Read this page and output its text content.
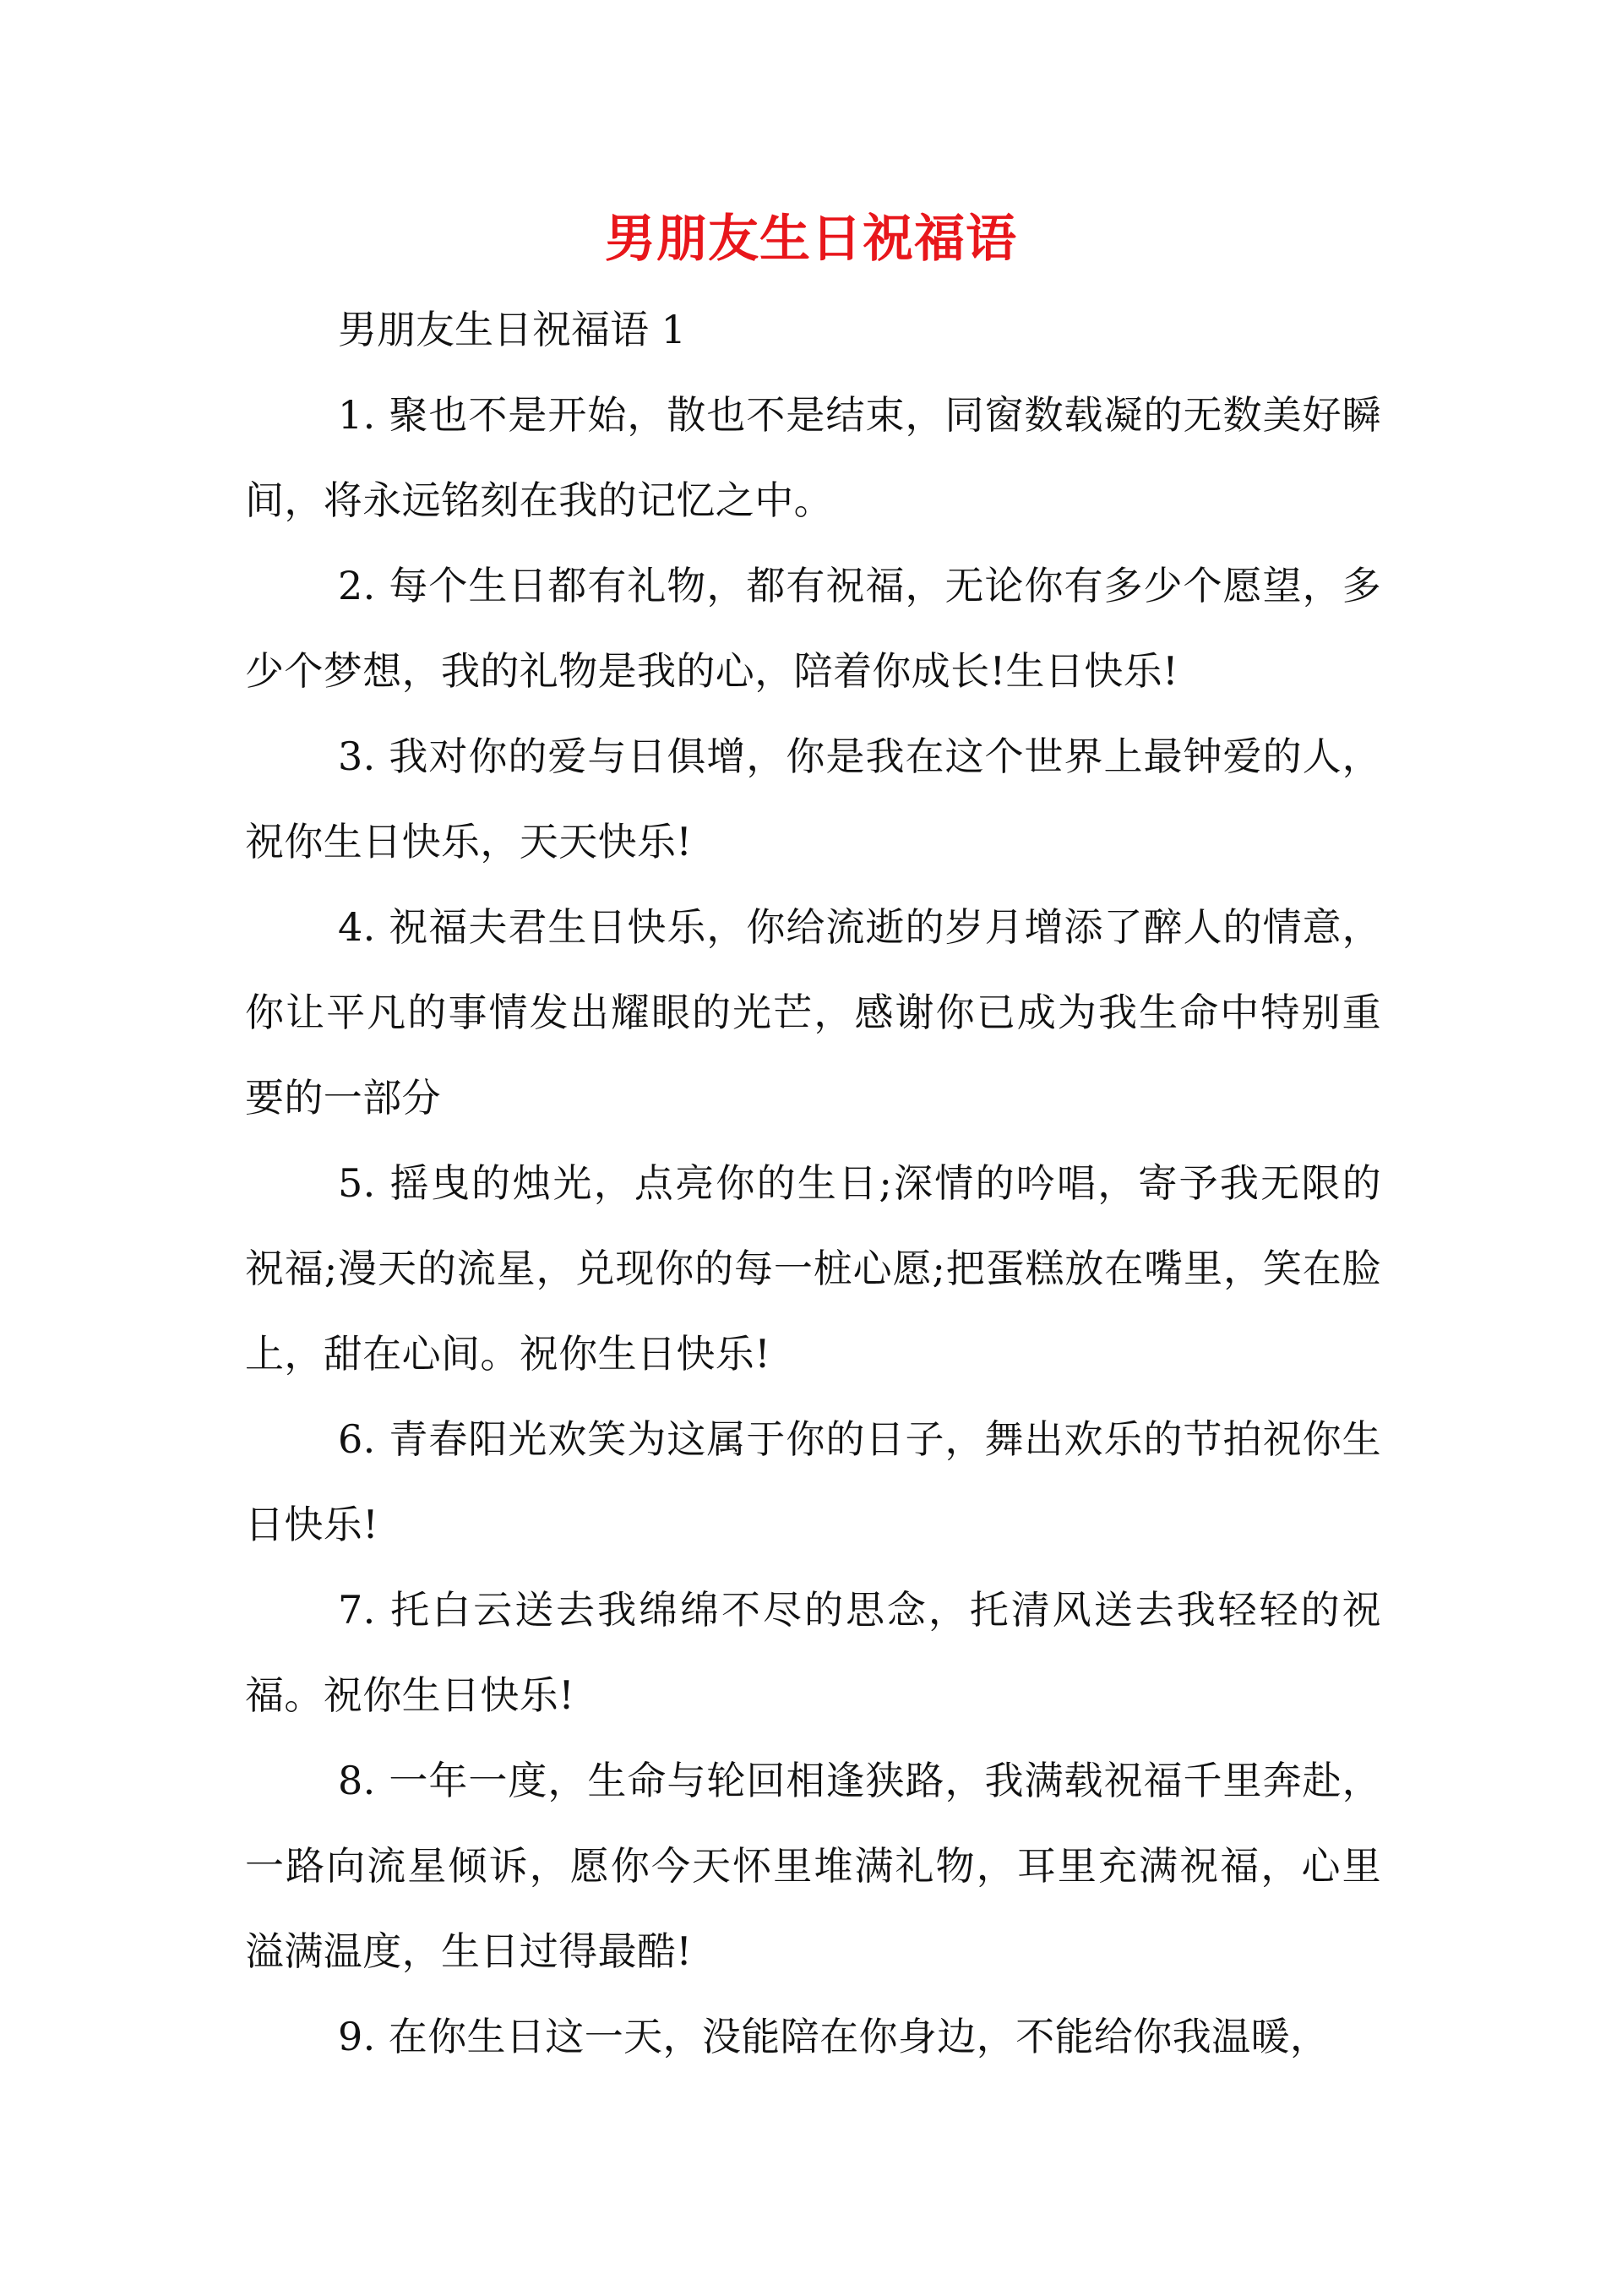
男朋友生日祝福语

男朋友生日祝福语 1

1. 聚也不是开始，散也不是结束，同窗数载凝的无数美好瞬间，将永远铭刻在我的记忆之中。

2. 每个生日都有礼物，都有祝福，无论你有多少个愿望，多少个梦想，我的礼物是我的心，陪着你成长!生日快乐!

3. 我对你的爱与日俱增，你是我在这个世界上最钟爱的人，祝你生日快乐，天天快乐!

4. 祝福夫君生日快乐，你给流逝的岁月增添了醉人的情意，你让平凡的事情发出耀眼的光芒，感谢你已成为我生命中特别重要的一部分

5. 摇曳的烛光，点亮你的生日;深情的吟唱，寄予我无限的祝福;漫天的流星，兑现你的每一桩心愿;把蛋糕放在嘴里，笑在脸上，甜在心间。祝你生日快乐!

6. 青春阳光欢笑为这属于你的日子，舞出欢乐的节拍祝你生日快乐!

7. 托白云送去我绵绵不尽的思念，托清风送去我轻轻的祝福。祝你生日快乐!

8. 一年一度，生命与轮回相逢狭路，我满载祝福千里奔赴，一路向流星倾诉，愿你今天怀里堆满礼物，耳里充满祝福，心里溢满温度，生日过得最酷!

9. 在你生日这一天，没能陪在你身边，不能给你我温暖，
